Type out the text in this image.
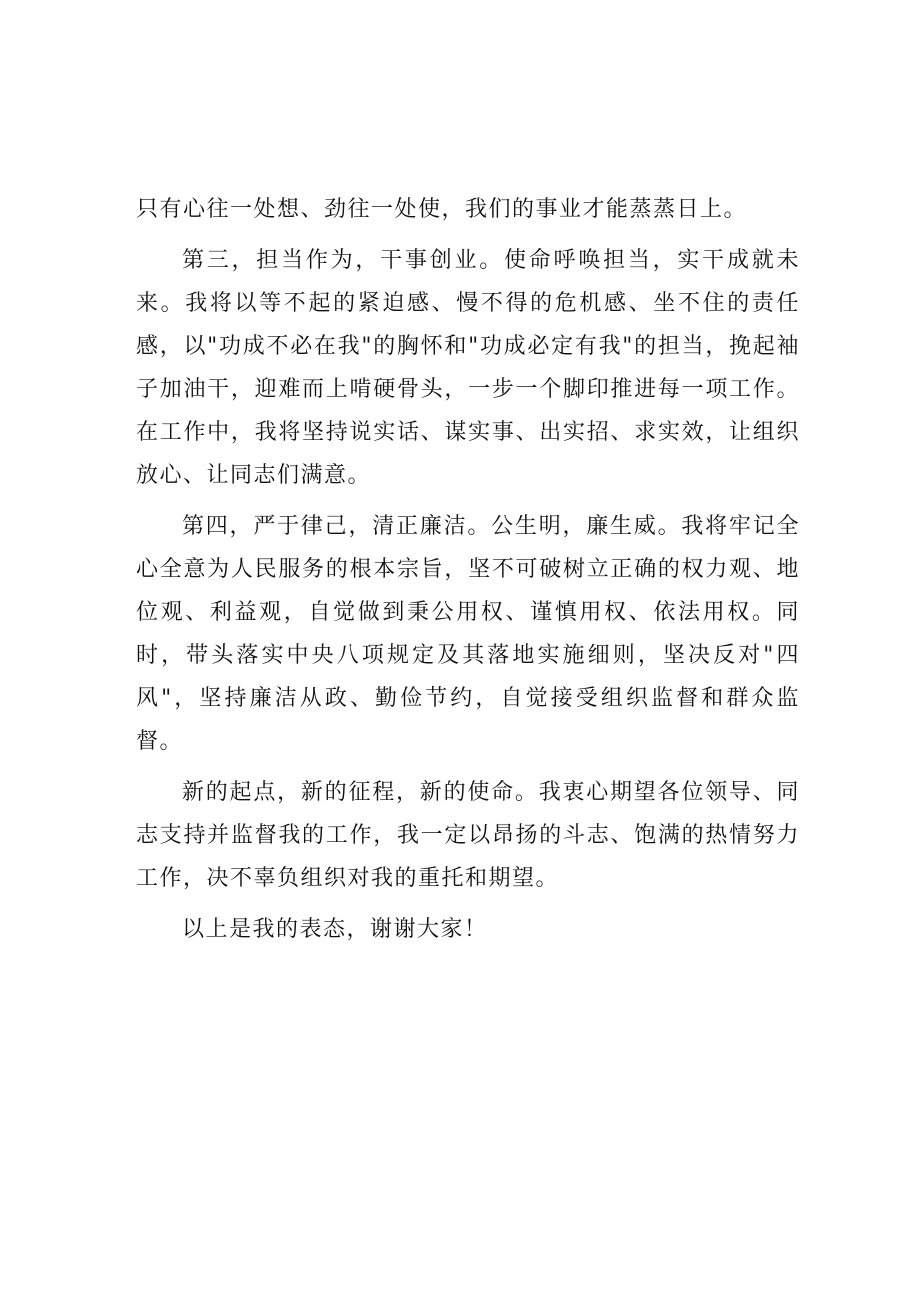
只有心往一处想、劲往一处使，我们的事业才能蒸蒸日上。

第三，担当作为，干事创业。使命呼唤担当，实干成就未来。我将以等不起的紧迫感、慢不得的危机感、坐不住的责任感，以"功成不必在我"的胸怀和"功成必定有我"的担当，挽起袖子加油干，迎难而上啃硬骨头，一步一个脚印推进每一项工作。在工作中，我将坚持说实话、谋实事、出实招、求实效，让组织放心、让同志们满意。

第四，严于律己，清正廉洁。公生明，廉生威。我将牢记全心全意为人民服务的根本宗旨，坚不可破树立正确的权力观、地位观、利益观，自觉做到秉公用权、谨慎用权、依法用权。同时，带头落实中央八项规定及其落地实施细则，坚决反对"四风"，坚持廉洁从政、勤俭节约，自觉接受组织监督和群众监督。

新的起点，新的征程，新的使命。我衷心期望各位领导、同志支持并监督我的工作，我一定以昂扬的斗志、饱满的热情努力工作，决不辜负组织对我的重托和期望。

以上是我的表态，谢谢大家！
